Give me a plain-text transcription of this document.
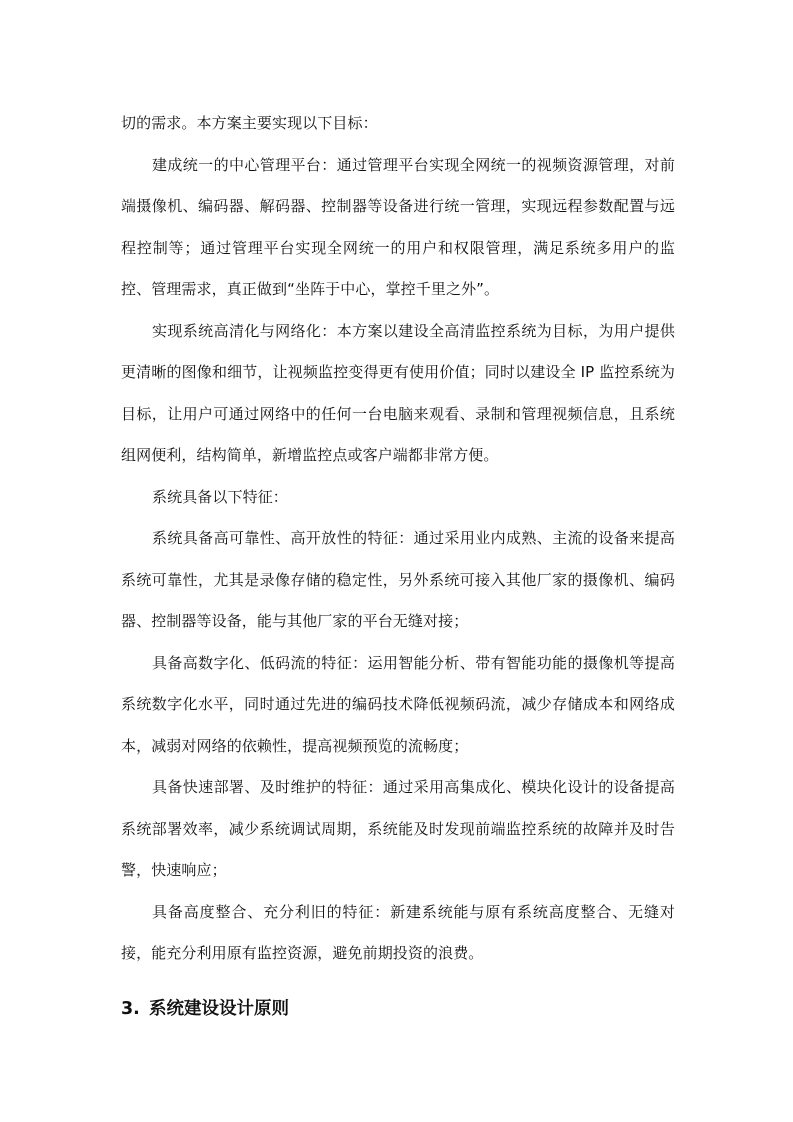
切的需求。本方案主要实现以下目标：

建成统一的中心管理平台：通过管理平台实现全网统一的视频资源管理，对前端摄像机、编码器、解码器、控制器等设备进行统一管理，实现远程参数配置与远程控制等；通过管理平台实现全网统一的用户和权限管理，满足系统多用户的监控、管理需求，真正做到“坐阵于中心，掌控千里之外”。

实现系统高清化与网络化：本方案以建设全高清监控系统为目标，为用户提供更清晰的图像和细节，让视频监控变得更有使用价值；同时以建设全 IP 监控系统为目标，让用户可通过网络中的任何一台电脑来观看、录制和管理视频信息，且系统组网便利，结构简单，新增监控点或客户端都非常方便。

系统具备以下特征：

系统具备高可靠性、高开放性的特征：通过采用业内成熟、主流的设备来提高系统可靠性，尤其是录像存储的稳定性，另外系统可接入其他厂家的摄像机、编码器、控制器等设备，能与其他厂家的平台无缝对接；

具备高数字化、低码流的特征：运用智能分析、带有智能功能的摄像机等提高系统数字化水平，同时通过先进的编码技术降低视频码流，减少存储成本和网络成本，减弱对网络的依赖性，提高视频预览的流畅度；

具备快速部署、及时维护的特征：通过采用高集成化、模块化设计的设备提高系统部署效率，减少系统调试周期，系统能及时发现前端监控系统的故障并及时告警，快速响应；

具备高度整合、充分利旧的特征：新建系统能与原有系统高度整合、无缝对接，能充分利用原有监控资源，避免前期投资的浪费。

3. 系统建设设计原则
